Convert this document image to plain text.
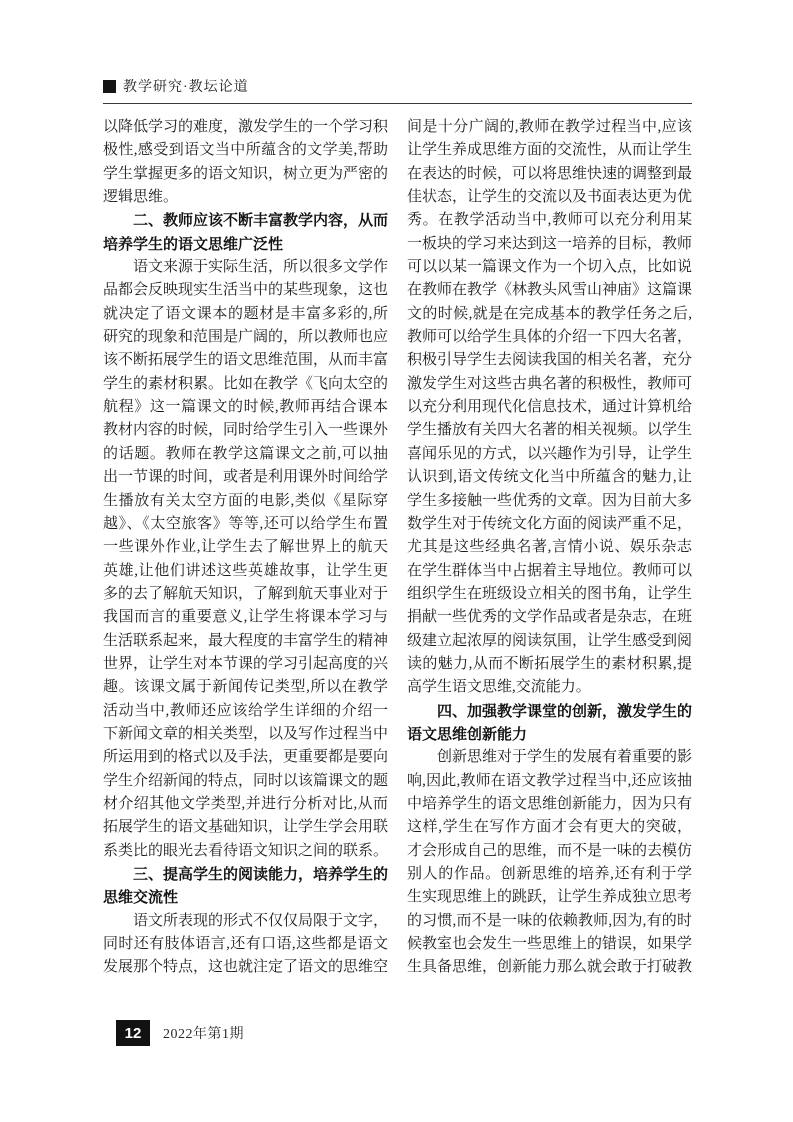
教学研究·教坛论道

以降低学习的难度，激发学生的一个学习积极性,感受到语文当中所蕴含的文学美,帮助学生掌握更多的语文知识，树立更为严密的逻辑思维。

二、教师应该不断丰富教学内容，从而培养学生的语文思维广泛性

语文来源于实际生活，所以很多文学作品都会反映现实生活当中的某些现象，这也就决定了语文课本的题材是丰富多彩的,所研究的现象和范围是广阔的，所以教师也应该不断拓展学生的语文思维范围，从而丰富学生的素材积累。比如在教学《飞向太空的航程》这一篇课文的时候,教师再结合课本教材内容的时候，同时给学生引入一些课外的话题。教师在教学这篇课文之前,可以抽出一节课的时间，或者是利用课外时间给学生播放有关太空方面的电影,类似《星际穿越》、《太空旅客》等等,还可以给学生布置一些课外作业,让学生去了解世界上的航天英雄,让他们讲述这些英雄故事，让学生更多的去了解航天知识，了解到航天事业对于我国而言的重要意义,让学生将课本学习与生活联系起来，最大程度的丰富学生的精神世界，让学生对本节课的学习引起高度的兴趣。该课文属于新闻传记类型,所以在教学活动当中,教师还应该给学生详细的介绍一下新闻文章的相关类型，以及写作过程当中所运用到的格式以及手法，更重要都是要向学生介绍新闻的特点，同时以该篇课文的题材介绍其他文学类型,并进行分析对比,从而拓展学生的语文基础知识，让学生学会用联系类比的眼光去看待语文知识之间的联系。

三、提高学生的阅读能力，培养学生的思维交流性

语文所表现的形式不仅仅局限于文字，同时还有肢体语言,还有口语,这些都是语文发展那个特点，这也就注定了语文的思维空

间是十分广阔的,教师在教学过程当中,应该让学生养成思维方面的交流性，从而让学生在表达的时候，可以将思维快速的调整到最佳状态，让学生的交流以及书面表达更为优秀。在教学活动当中,教师可以充分利用某一板块的学习来达到这一培养的目标，教师可以以某一篇课文作为一个切入点，比如说在教师在教学《林教头风雪山神庙》这篇课文的时候,就是在完成基本的教学任务之后,教师可以给学生具体的介绍一下四大名著，积极引导学生去阅读我国的相关名著，充分激发学生对这些古典名著的积极性，教师可以充分利用现代化信息技术，通过计算机给学生播放有关四大名著的相关视频。以学生喜闻乐见的方式，以兴趣作为引导，让学生认识到,语文传统文化当中所蕴含的魅力,让学生多接触一些优秀的文章。因为目前大多数学生对于传统文化方面的阅读严重不足，尤其是这些经典名著,言情小说、娱乐杂志在学生群体当中占据着主导地位。教师可以组织学生在班级设立相关的图书角，让学生捐献一些优秀的文学作品或者是杂志，在班级建立起浓厚的阅读氛围，让学生感受到阅读的魅力,从而不断拓展学生的素材积累,提高学生语文思维,交流能力。

四、加强教学课堂的创新，激发学生的语文思维创新能力

创新思维对于学生的发展有着重要的影响,因此,教师在语文教学过程当中,还应该抽中培养学生的语文思维创新能力，因为只有这样,学生在写作方面才会有更大的突破，才会形成自己的思维，而不是一味的去模仿别人的作品。创新思维的培养,还有利于学生实现思维上的跳跃，让学生养成独立思考的习惯,而不是一味的依赖教师,因为,有的时候教室也会发生一些思维上的错误，如果学生具备思维，创新能力那么就会敢于打破教

12 2022年第1期
